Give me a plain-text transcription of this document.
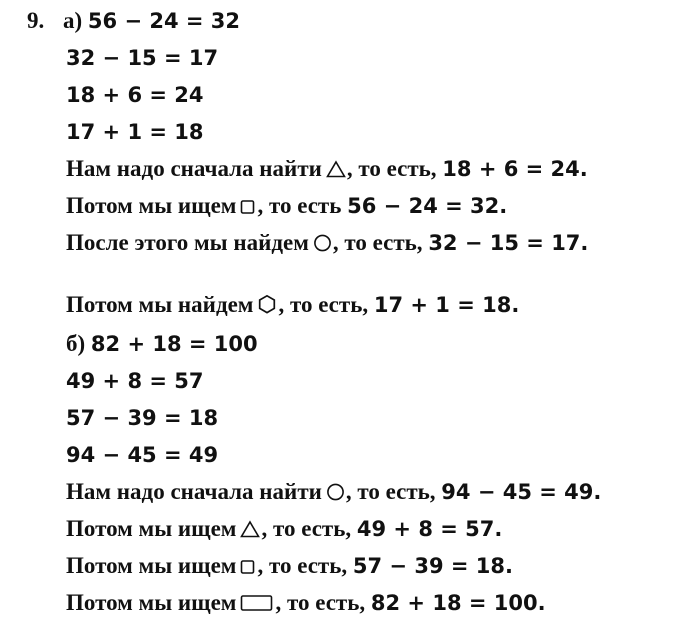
9. а) 56 − 24 = 32
32 − 15 = 17
18 + 6 = 24
17 + 1 = 18
Нам надо сначала найти , то есть, 18 + 6 = 24.
Потом мы ищем , то есть 56 − 24 = 32.
После этого мы найдем , то есть, 32 − 15 = 17.
Потом мы найдем , то есть, 17 + 1 = 18.
б) 82 + 18 = 100
49 + 8 = 57
57 − 39 = 18
94 − 45 = 49
Нам надо сначала найти , то есть, 94 − 45 = 49.
Потом мы ищем , то есть, 49 + 8 = 57.
Потом мы ищем , то есть, 57 − 39 = 18.
Потом мы ищем , то есть, 82 + 18 = 100.
